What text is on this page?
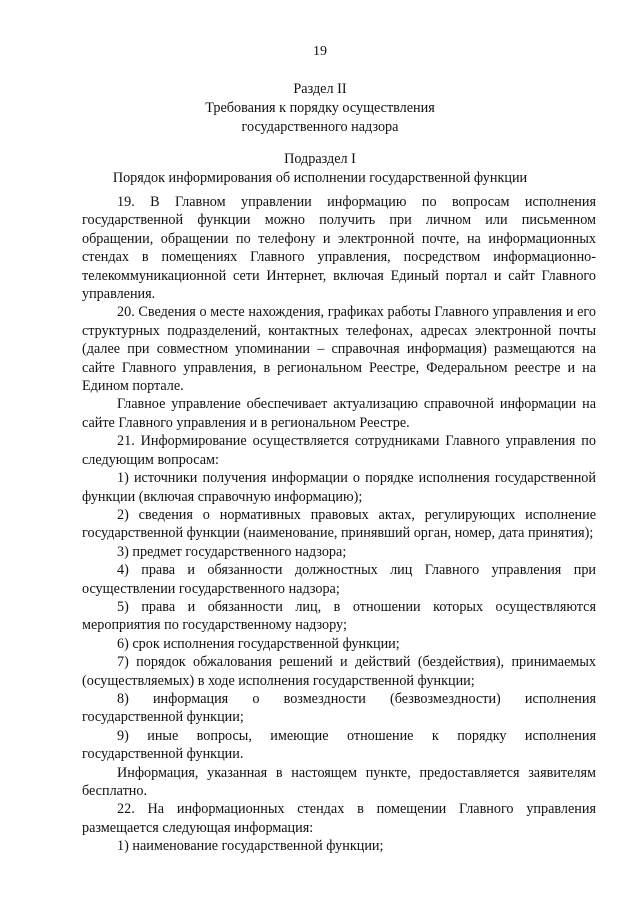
19
Раздел II
Требования к порядку осуществления
государственного надзора
Подраздел I
Порядок информирования об исполнении государственной функции

19. В Главном управлении информацию по вопросам исполнения государственной функции можно получить при личном или письменном обращении, обращении по телефону и электронной почте, на информационных стендах в помещениях Главного управления, посредством информационно-телекоммуникационной сети Интернет, включая Единый портал и сайт Главного управления.

20. Сведения о месте нахождения, графиках работы Главного управления и его структурных подразделений, контактных телефонах, адресах электронной почты (далее при совместном упоминании – справочная информация) размещаются на сайте Главного управления, в региональном Реестре, Федеральном реестре и на Едином портале.

Главное управление обеспечивает актуализацию справочной информации на сайте Главного управления и в региональном Реестре.

21. Информирование осуществляется сотрудниками Главного управления по следующим вопросам:

1) источники получения информации о порядке исполнения государственной функции (включая справочную информацию);

2) сведения о нормативных правовых актах, регулирующих исполнение государственной функции (наименование, принявший орган, номер, дата принятия);

3) предмет государственного надзора;

4) права и обязанности должностных лиц Главного управления при осуществлении государственного надзора;

5) права и обязанности лиц, в отношении которых осуществляются мероприятия по государственному надзору;

6) срок исполнения государственной функции;

7) порядок обжалования решений и действий (бездействия), принимаемых (осуществляемых) в ходе исполнения государственной функции;

8) информация о возмездности (безвозмездности) исполнения государственной функции;

9) иные вопросы, имеющие отношение к порядку исполнения государственной функции.

Информация, указанная в настоящем пункте, предоставляется заявителям бесплатно.

22. На информационных стендах в помещении Главного управления размещается следующая информация:

1) наименование государственной функции;
